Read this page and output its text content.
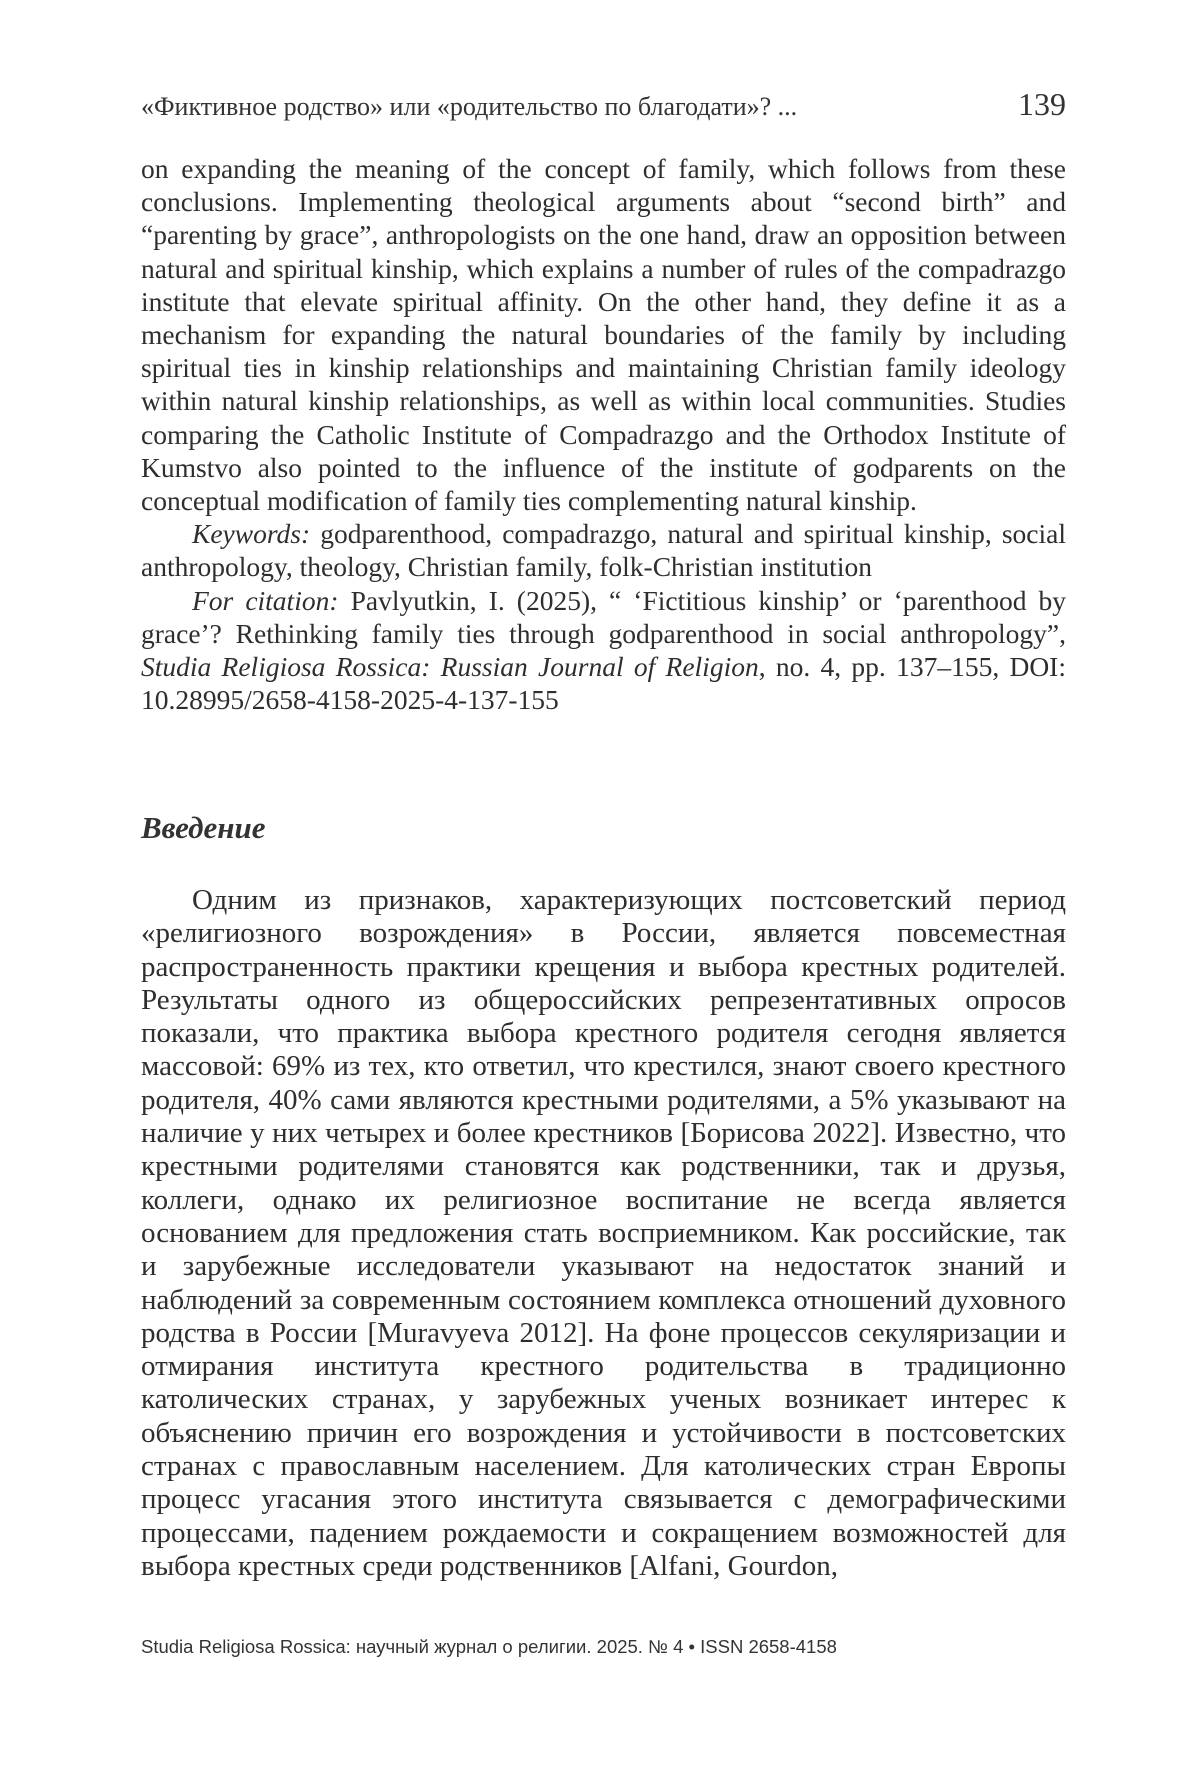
«Фиктивное родство» или «родительство по благодати»? ...	139

on expanding the meaning of the concept of family, which follows from these conclusions. Implementing theological arguments about “second birth” and “parenting by grace”, anthropologists on the one hand, draw an opposition between natural and spiritual kinship, which explains a number of rules of the compadrazgo institute that elevate spiritual affinity. On the other hand, they define it as a mechanism for expanding the natural boundaries of the family by including spiritual ties in kinship relationships and maintaining Christian family ideology within natural kinship relationships, as well as within local communities. Studies comparing the Catholic Institute of Compadrazgo and the Orthodox Institute of Kumstvo also pointed to the influence of the institute of godparents on the conceptual modification of family ties complementing natural kinship.

Keywords: godparenthood, compadrazgo, natural and spiritual kinship, social anthropology, theology, Christian family, folk-Christian institution

For citation: Pavlyutkin, I. (2025), “ ‘Fictitious kinship’ or ‘parenthood by grace’? Rethinking family ties through godparenthood in social anthropology”, Studia Religiosa Rossica: Russian Journal of Religion, no. 4, pp. 137–155, DOI: 10.28995/2658-4158-2025-4-137-155

Введение

Одним из признаков, характеризующих постсоветский период «религиозного возрождения» в России, является повсеместная распространенность практики крещения и выбора крестных родителей. Результаты одного из общероссийских репрезентативных опросов показали, что практика выбора крестного родителя сегодня является массовой: 69% из тех, кто ответил, что крестился, знают своего крестного родителя, 40% сами являются крестными родителями, а 5% указывают на наличие у них четырех и более крестников [Борисова 2022]. Известно, что крестными родителями становятся как родственники, так и друзья, коллеги, однако их религиозное воспитание не всегда является основанием для предложения стать восприемником. Как российские, так и зарубежные исследователи указывают на недостаток знаний и наблюдений за современным состоянием комплекса отношений духовного родства в России [Muravyeva 2012]. На фоне процессов секуляризации и отмирания института крестного родительства в традиционно католических странах, у зарубежных ученых возникает интерес к объяснению причин его возрождения и устойчивости в постсоветских странах с православным населением. Для католических стран Европы процесс угасания этого института связывается с демографическими процессами, падением рождаемости и сокращением возможностей для выбора крестных среди родственников [Alfani, Gourdon,

Studia Religiosa Rossica: научный журнал о религии. 2025. № 4 • ISSN 2658-4158
